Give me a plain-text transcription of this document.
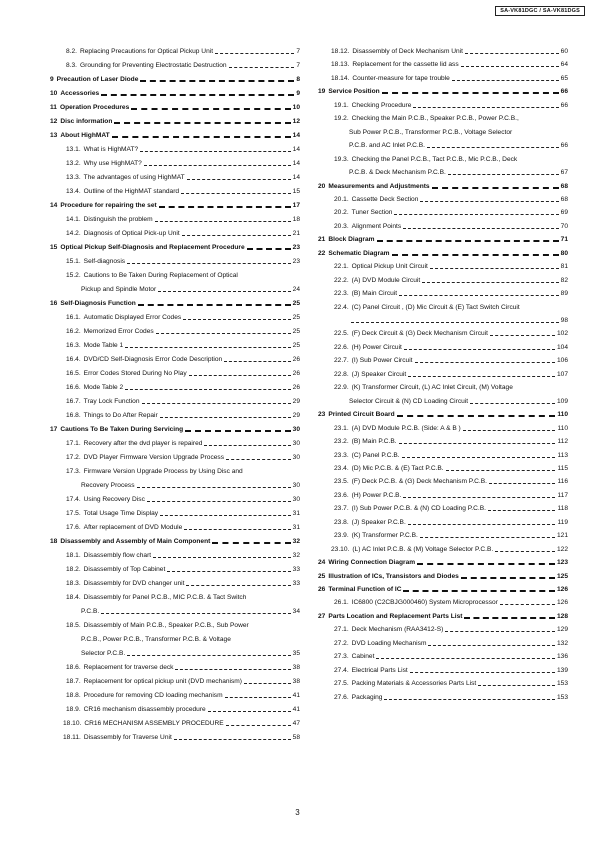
SA-VK81DGC / SA-VK81DGS
8.2. Replacing Precautions for Optical Pickup Unit	7
8.3. Grounding for Preventing Electrostatic Destruction	7
9 Precaution of Laser Diode	8
10 Accessories	9
11 Operation Procedures	10
12 Disc information	12
13 About HighMAT	14
13.1. What is HighMAT?	14
13.2. Why use HighMAT?	14
13.3. The advantages of using HighMAT	14
13.4. Outline of the HighMAT standard	15
14 Procedure for repairing the set	17
14.1. Distinguish the problem	18
14.2. Diagnosis of Optical Pick-up Unit	21
15 Optical Pickup Self-Diagnosis and Replacement Procedure	23
15.1. Self-diagnosis	23
15.2. Cautions to Be Taken During Replacement of Optical
Pickup and Spindle Motor	24
16 Self-Diagnosis Function	25
16.1. Automatic Displayed Error Codes	25
16.2. Memorized Error Codes	25
16.3. Mode Table 1	25
16.4. DVD/CD Self-Diagnosis Error Code Description	26
16.5. Error Codes Stored During No Play	26
16.6. Mode Table 2	26
16.7. Tray Lock Function	29
16.8. Things to Do After Repair	29
17 Cautions To Be Taken During Servicing	30
17.1. Recovery after the dvd player is repaired	30
17.2. DVD Player Firmware Version Upgrade Process	30
17.3. Firmware Version Upgrade Process by Using Disc and
Recovery Process	30
17.4. Using Recovery Disc	30
17.5. Total Usage Time Display	31
17.6. After replacement of DVD Module	31
18 Disassembly and Assembly of Main Component	32
18.1. Disassembly flow chart	32
18.2. Disassembly of Top Cabinet	33
18.3. Disassembly for DVD changer unit	33
18.4. Disassembly for Panel P.C.B., MIC P.C.B. & Tact Switch
P.C.B.	34
18.5. Disassembly of Main P.C.B., Speaker P.C.B., Sub Power
P.C.B., Power P.C.B., Transformer P.C.B. & Voltage
Selector P.C.B.	35
18.6. Replacement for traverse deck	38
18.7. Replacement for optical pickup unit (DVD mechanism)	38
18.8. Procedure for removing CD loading mechanism	41
18.9. CR16 mechanism disassembly procedure	41
18.10. CR16 MECHANISM ASSEMBLY PROCEDURE	47
18.11. Disassembly for Traverse Unit	58
18.12. Disassembly of Deck Mechanism Unit	60
18.13. Replacement for the cassette lid ass	64
18.14. Counter-measure for tape trouble	65
19 Service Position	66
19.1. Checking Procedure	66
19.2. Checking the Main P.C.B., Speaker P.C.B., Power P.C.B.,
Sub Power P.C.B., Transformer P.C.B., Voltage Selector
P.C.B. and AC Inlet P.C.B.	66
19.3. Checking the Panel P.C.B., Tact P.C.B., Mic P.C.B., Deck
P.C.B. & Deck Mechanism P.C.B.	67
20 Measurements and Adjustments	68
20.1. Cassette Deck Section	68
20.2. Tuner Section	69
20.3. Alignment Points	70
21 Block Diagram	71
22 Schematic Diagram	80
22.1. Optical Pickup Unit Circuit	81
22.2. (A) DVD Module Circuit	82
22.3. (B) Main Circuit	89
22.4. (C) Panel Circuit , (D) Mic Circuit & (E) Tact Switch Circuit
98
22.5. (F) Deck Circuit & (G) Deck Mechanism Circuit	102
22.6. (H) Power Circuit	104
22.7. (I) Sub Power Circuit	106
22.8. (J) Speaker Circuit	107
22.9. (K) Transformer Circuit, (L) AC Inlet Circuit, (M) Voltage
Selector Circuit & (N) CD Loading Circuit	109
23 Printed Circuit Board	110
23.1. (A) DVD Module P.C.B. (Side: A & B )	110
23.2. (B) Main P.C.B.	112
23.3. (C) Panel P.C.B.	113
23.4. (D) Mic P.C.B. & (E) Tact P.C.B.	115
23.5. (F) Deck P.C.B. & (G) Deck Mechanism P.C.B.	116
23.6. (H) Power P.C.B.	117
23.7. (I) Sub Power P.C.B. & (N) CD Loading P.C.B.	118
23.8. (J) Speaker P.C.B.	119
23.9. (K) Transformer P.C.B.	121
23.10. (L) AC Inlet P.C.B. & (M) Voltage Selector P.C.B.	122
24 Wiring Connection Diagram	123
25 Illustration of ICs, Transistors and Diodes	125
26 Terminal Function of IC	126
26.1. IC6800 (C2CBJG000460) System Microprocessor	126
27 Parts Location and Replacement Parts List	128
27.1. Deck Mechanism (RAA3412-S)	129
27.2. DVD Loading Mechanism	132
27.3. Cabinet	136
27.4. Electrical Parts List	139
27.5. Packing Materials & Accessories Parts List	153
27.6. Packaging	153
3
